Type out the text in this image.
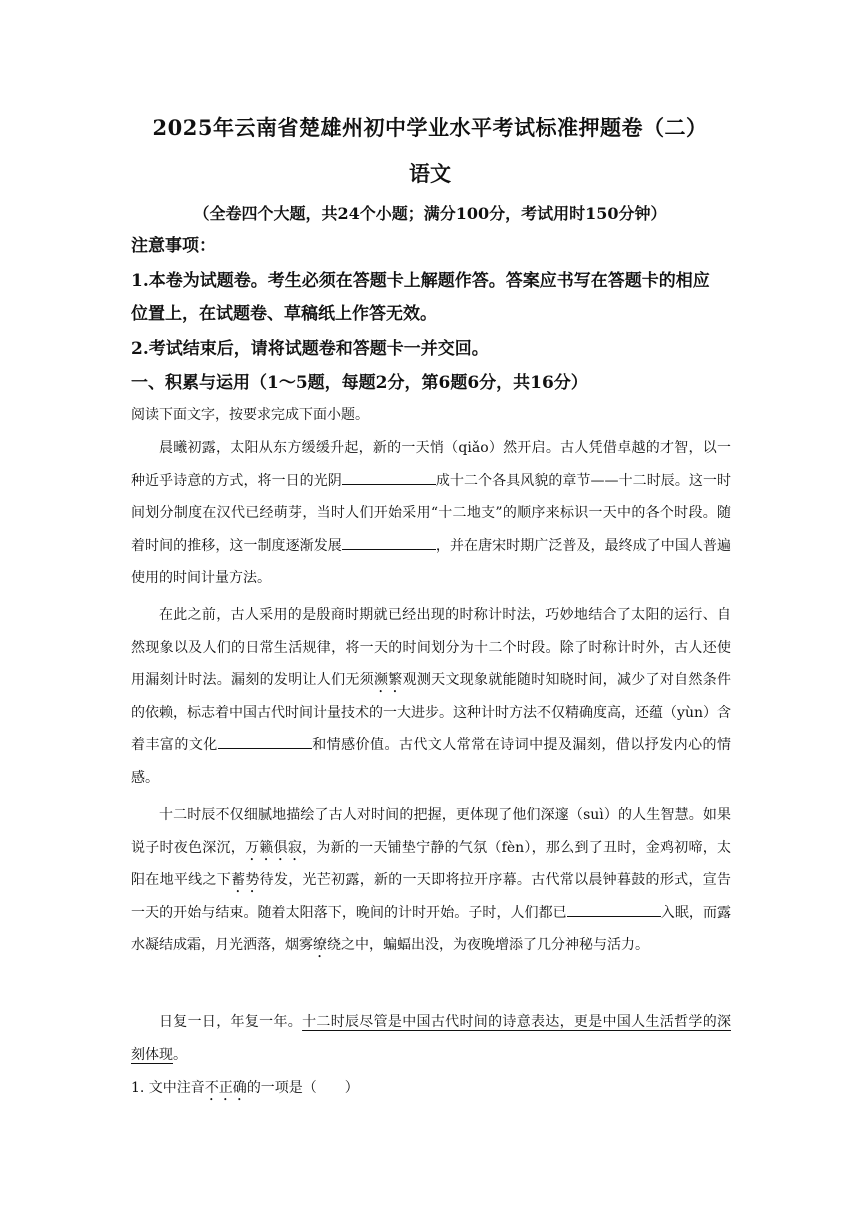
2025年云南省楚雄州初中学业水平考试标准押题卷（二）
语文
（全卷四个大题，共24个小题；满分100分，考试用时150分钟）
注意事项：
1.本卷为试题卷。考生必须在答题卡上解题作答。答案应书写在答题卡的相应
位置上，在试题卷、草稿纸上作答无效。
2.考试结束后，请将试题卷和答题卡一并交回。
一、积累与运用（1～5题，每题2分，第6题6分，共16分）
阅读下面文字，按要求完成下面小题。
晨曦初露，太阳从东方缓缓升起，新的一天悄（qiǎo）然开启。古人凭借卓越的才智，以一种近乎诗意的方式，将一日的光阴	成十二个各具风貌的章节——十二时辰。这一时间划分制度在汉代已经萌芽，当时人们开始采用“十二地支”的顺序来标识一天中的各个时段。随着时间的推移，这一制度逐渐发展	，并在唐宋时期广泛普及，最终成了中国人普遍使用的时间计量方法。
在此之前，古人采用的是殷商时期就已经出现的时称计时法，巧妙地结合了太阳的运行、自然现象以及人们的日常生活规律，将一天的时间划分为十二个时段。除了时称计时外，古人还使用漏刻计时法。漏刻的发明让人们无须濒繁观测天文现象就能随时知晓时间，减少了对自然条件的依赖，标志着中国古代时间计量技术的一大进步。这种计时方法不仅精确度高，还蕴（yùn）含着丰富的文化	和情感价值。古代文人常常在诗词中提及漏刻，借以抒发内心的情感。
十二时辰不仅细腻地描绘了古人对时间的把握，更体现了他们深邃（suì）的人生智慧。如果说子时夜色深沉，万籁俱寂，为新的一天铺垫宁静的气氛（fèn），那么到了丑时，金鸡初啼，太阳在地平线之下蓄势待发，光芒初露，新的一天即将拉开序幕。古代常以晨钟暮鼓的形式，宣告一天的开始与结束。随着太阳落下，晚间的计时开始。子时，人们都已	入眠，而露水凝结成霜，月光洒落，烟雾缭绕之中，蝙蝠出没，为夜晚增添了几分神秘与活力。
日复一日，年复一年。十二时辰尽管是中国古代时间的诗意表达，更是中国人生活哲学的深刻体现。
1. 文中注音不正确的一项是（　　）
